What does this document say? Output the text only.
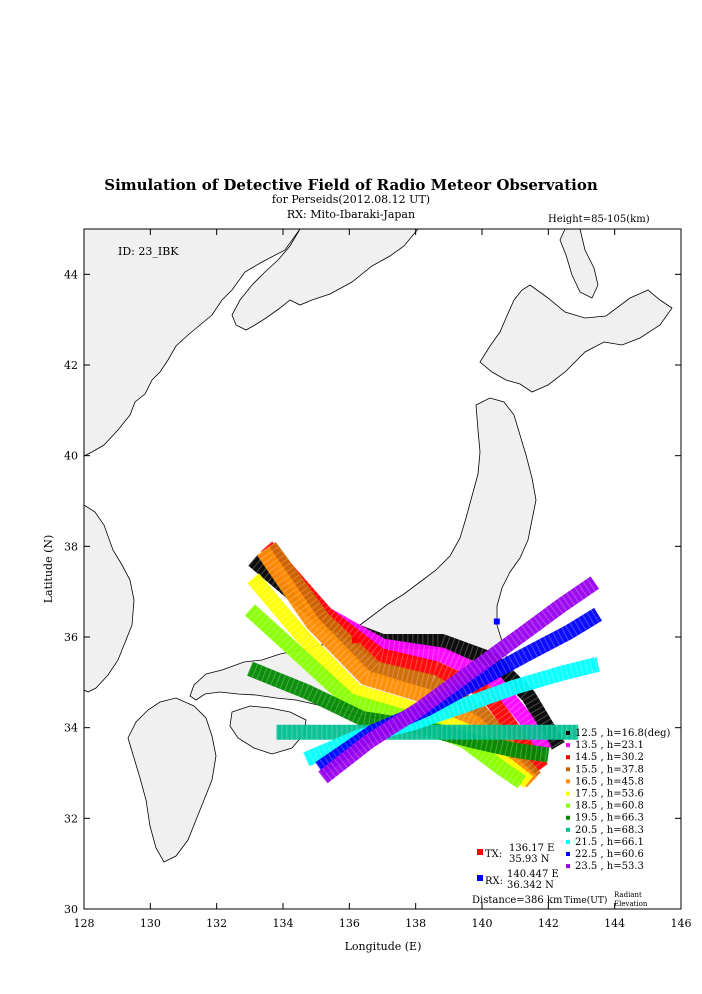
Simulation of Detective Field of Radio Meteor Observation
for Perseids(2012.08.12 UT)
RX: Mito-Ibaraki-Japan	Height=85-105(km)
128	130	132	134	136	138	140	142	144	146
30
32
34
36
38
40
42
44
Longitude (E)
Latitude (N)
ID: 23_IBK
12.5 , h=16.8(deg)
13.5 , h=23.1
14.5 , h=30.2
15.5 , h=37.8
16.5 , h=45.8
17.5 , h=53.6
18.5 , h=60.8
19.5 , h=66.3
20.5 , h=68.3
21.5 , h=66.1
22.5 , h=60.6
23.5 , h=53.3
TX:
136.17 E
35.93 N
RX:
140.447 E
36.342 N
Distance=386 km Time(UT)
Radiant
Elevation
